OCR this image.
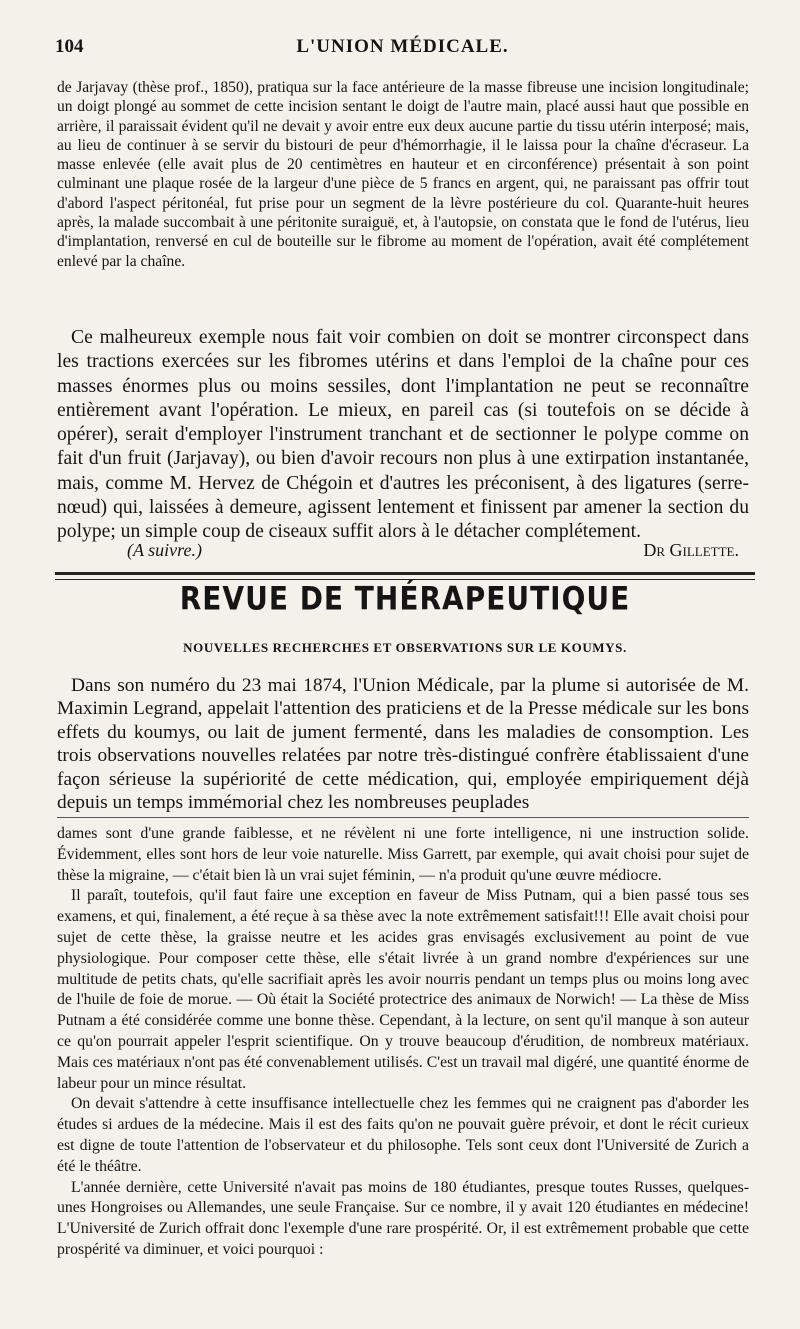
104	L'UNION MÉDICALE.

de Jarjavay (thèse prof., 1850), pratiqua sur la face antérieure de la masse fibreuse une incision longitudinale; un doigt plongé au sommet de cette incision sentant le doigt de l'autre main, placé aussi haut que possible en arrière, il paraissait évident qu'il ne devait y avoir entre eux deux aucune partie du tissu utérin interposé; mais, au lieu de continuer à se servir du bistouri de peur d'hémorrhagie, il le laissa pour la chaîne d'écraseur. La masse enlevée (elle avait plus de 20 centimètres en hauteur et en circonférence) présentait à son point culminant une plaque rosée de la largeur d'une pièce de 5 francs en argent, qui, ne paraissant pas offrir tout d'abord l'aspect péritonéal, fut prise pour un segment de la lèvre postérieure du col. Quarante-huit heures après, la malade succombait à une péritonite suraiguë, et, à l'autopsie, on constata que le fond de l'utérus, lieu d'implantation, renversé en cul de bouteille sur le fibrome au moment de l'opération, avait été complétement enlevé par la chaîne.

Ce malheureux exemple nous fait voir combien on doit se montrer circonspect dans les tractions exercées sur les fibromes utérins et dans l'emploi de la chaîne pour ces masses énormes plus ou moins sessiles, dont l'implantation ne peut se reconnaître entièrement avant l'opération. Le mieux, en pareil cas (si toutefois on se décide à opérer), serait d'employer l'instrument tranchant et de sectionner le polype comme on fait d'un fruit (Jarjavay), ou bien d'avoir recours non plus à une extirpation instantanée, mais, comme M. Hervez de Chégoin et d'autres les préconisent, à des ligatures (serre-nœud) qui, laissées à demeure, agissent lentement et finissent par amener la section du polype; un simple coup de ciseaux suffit alors à le détacher complétement.

(A suivre.)	Dr Gillette.
REVUE DE THÉRAPEUTIQUE
NOUVELLES RECHERCHES ET OBSERVATIONS SUR LE KOUMYS.

Dans son numéro du 23 mai 1874, l'Union Médicale, par la plume si autorisée de M. Maximin Legrand, appelait l'attention des praticiens et de la Presse médicale sur les bons effets du koumys, ou lait de jument fermenté, dans les maladies de consomption. Les trois observations nouvelles relatées par notre très-distingué confrère établissaient d'une façon sérieuse la supériorité de cette médication, qui, employée empiriquement déjà depuis un temps immémorial chez les nombreuses peuplades

dames sont d'une grande faiblesse, et ne révèlent ni une forte intelligence, ni une instruction solide. Évidemment, elles sont hors de leur voie naturelle. Miss Garrett, par exemple, qui avait choisi pour sujet de thèse la migraine, — c'était bien là un vrai sujet féminin, — n'a produit qu'une œuvre médiocre.

Il paraît, toutefois, qu'il faut faire une exception en faveur de Miss Putnam, qui a bien passé tous ses examens, et qui, finalement, a été reçue à sa thèse avec la note extrêmement satisfait!!! Elle avait choisi pour sujet de cette thèse, la graisse neutre et les acides gras envisagés exclusivement au point de vue physiologique. Pour composer cette thèse, elle s'était livrée à un grand nombre d'expériences sur une multitude de petits chats, qu'elle sacrifiait après les avoir nourris pendant un temps plus ou moins long avec de l'huile de foie de morue. — Où était la Société protectrice des animaux de Norwich! — La thèse de Miss Putnam a été considérée comme une bonne thèse. Cependant, à la lecture, on sent qu'il manque à son auteur ce qu'on pourrait appeler l'esprit scientifique. On y trouve beaucoup d'érudition, de nombreux matériaux. Mais ces matériaux n'ont pas été convenablement utilisés. C'est un travail mal digéré, une quantité énorme de labeur pour un mince résultat.

On devait s'attendre à cette insuffisance intellectuelle chez les femmes qui ne craignent pas d'aborder les études si ardues de la médecine. Mais il est des faits qu'on ne pouvait guère prévoir, et dont le récit curieux est digne de toute l'attention de l'observateur et du philosophe. Tels sont ceux dont l'Université de Zurich a été le théâtre.

L'année dernière, cette Université n'avait pas moins de 180 étudiantes, presque toutes Russes, quelques-unes Hongroises ou Allemandes, une seule Française. Sur ce nombre, il y avait 120 étudiantes en médecine! L'Université de Zurich offrait donc l'exemple d'une rare prospérité. Or, il est extrêmement probable que cette prospérité va diminuer, et voici pourquoi :
